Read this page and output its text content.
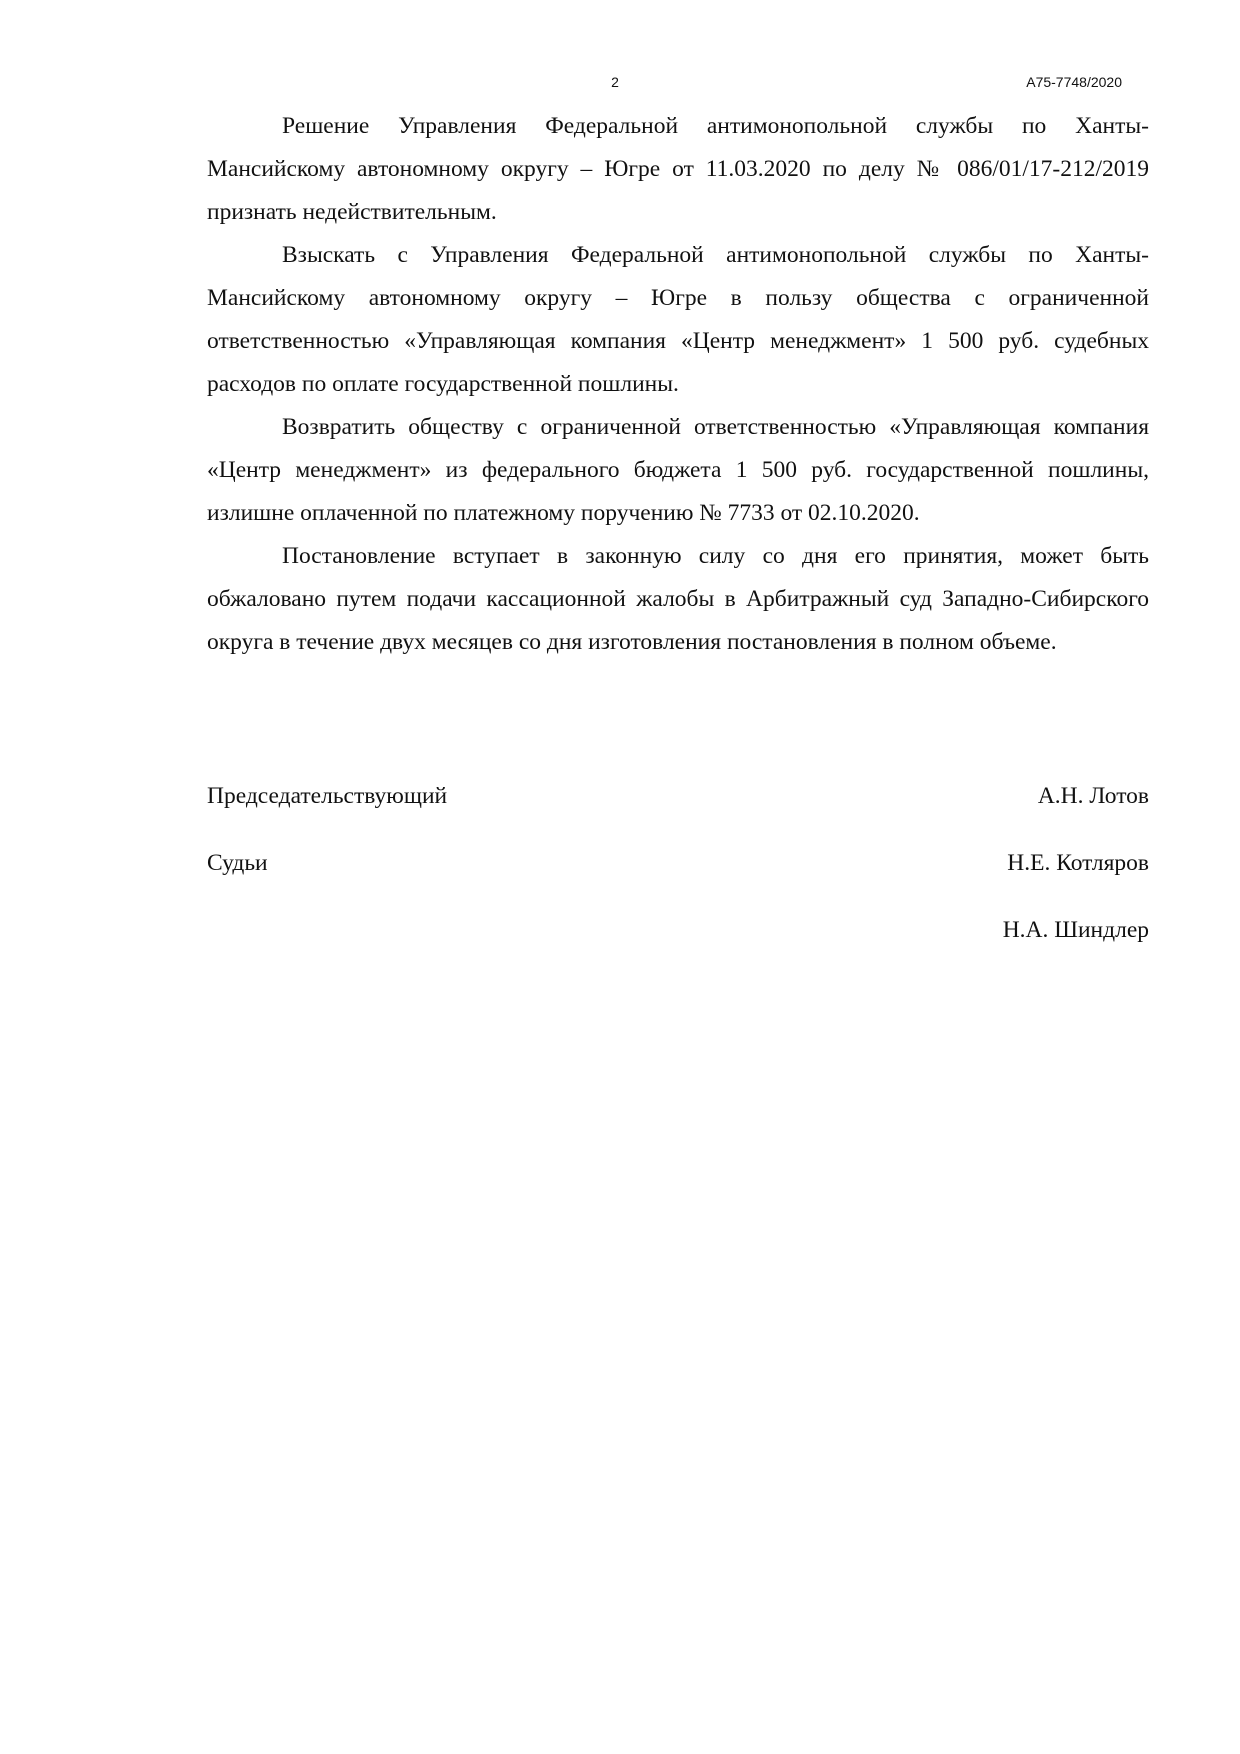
2	А75-7748/2020

Решение Управления Федеральной антимонопольной службы по Ханты-Мансийскому автономному округу – Югре от 11.03.2020 по делу № 086/01/17-212/2019 признать недействительным.

Взыскать с Управления Федеральной антимонопольной службы по Ханты-Мансийскому автономному округу – Югре в пользу общества с ограниченной ответственностью «Управляющая компания «Центр менеджмент» 1 500 руб. судебных расходов по оплате государственной пошлины.

Возвратить обществу с ограниченной ответственностью «Управляющая компания «Центр менеджмент» из федерального бюджета 1 500 руб. государственной пошлины, излишне оплаченной по платежному поручению № 7733 от 02.10.2020.

Постановление вступает в законную силу со дня его принятия, может быть обжаловано путем подачи кассационной жалобы в Арбитражный суд Западно-Сибирского округа в течение двух месяцев со дня изготовления постановления в полном объеме.

Председательствующий	А.Н. Лотов
Судьи	Н.Е. Котляров
Н.А. Шиндлер
